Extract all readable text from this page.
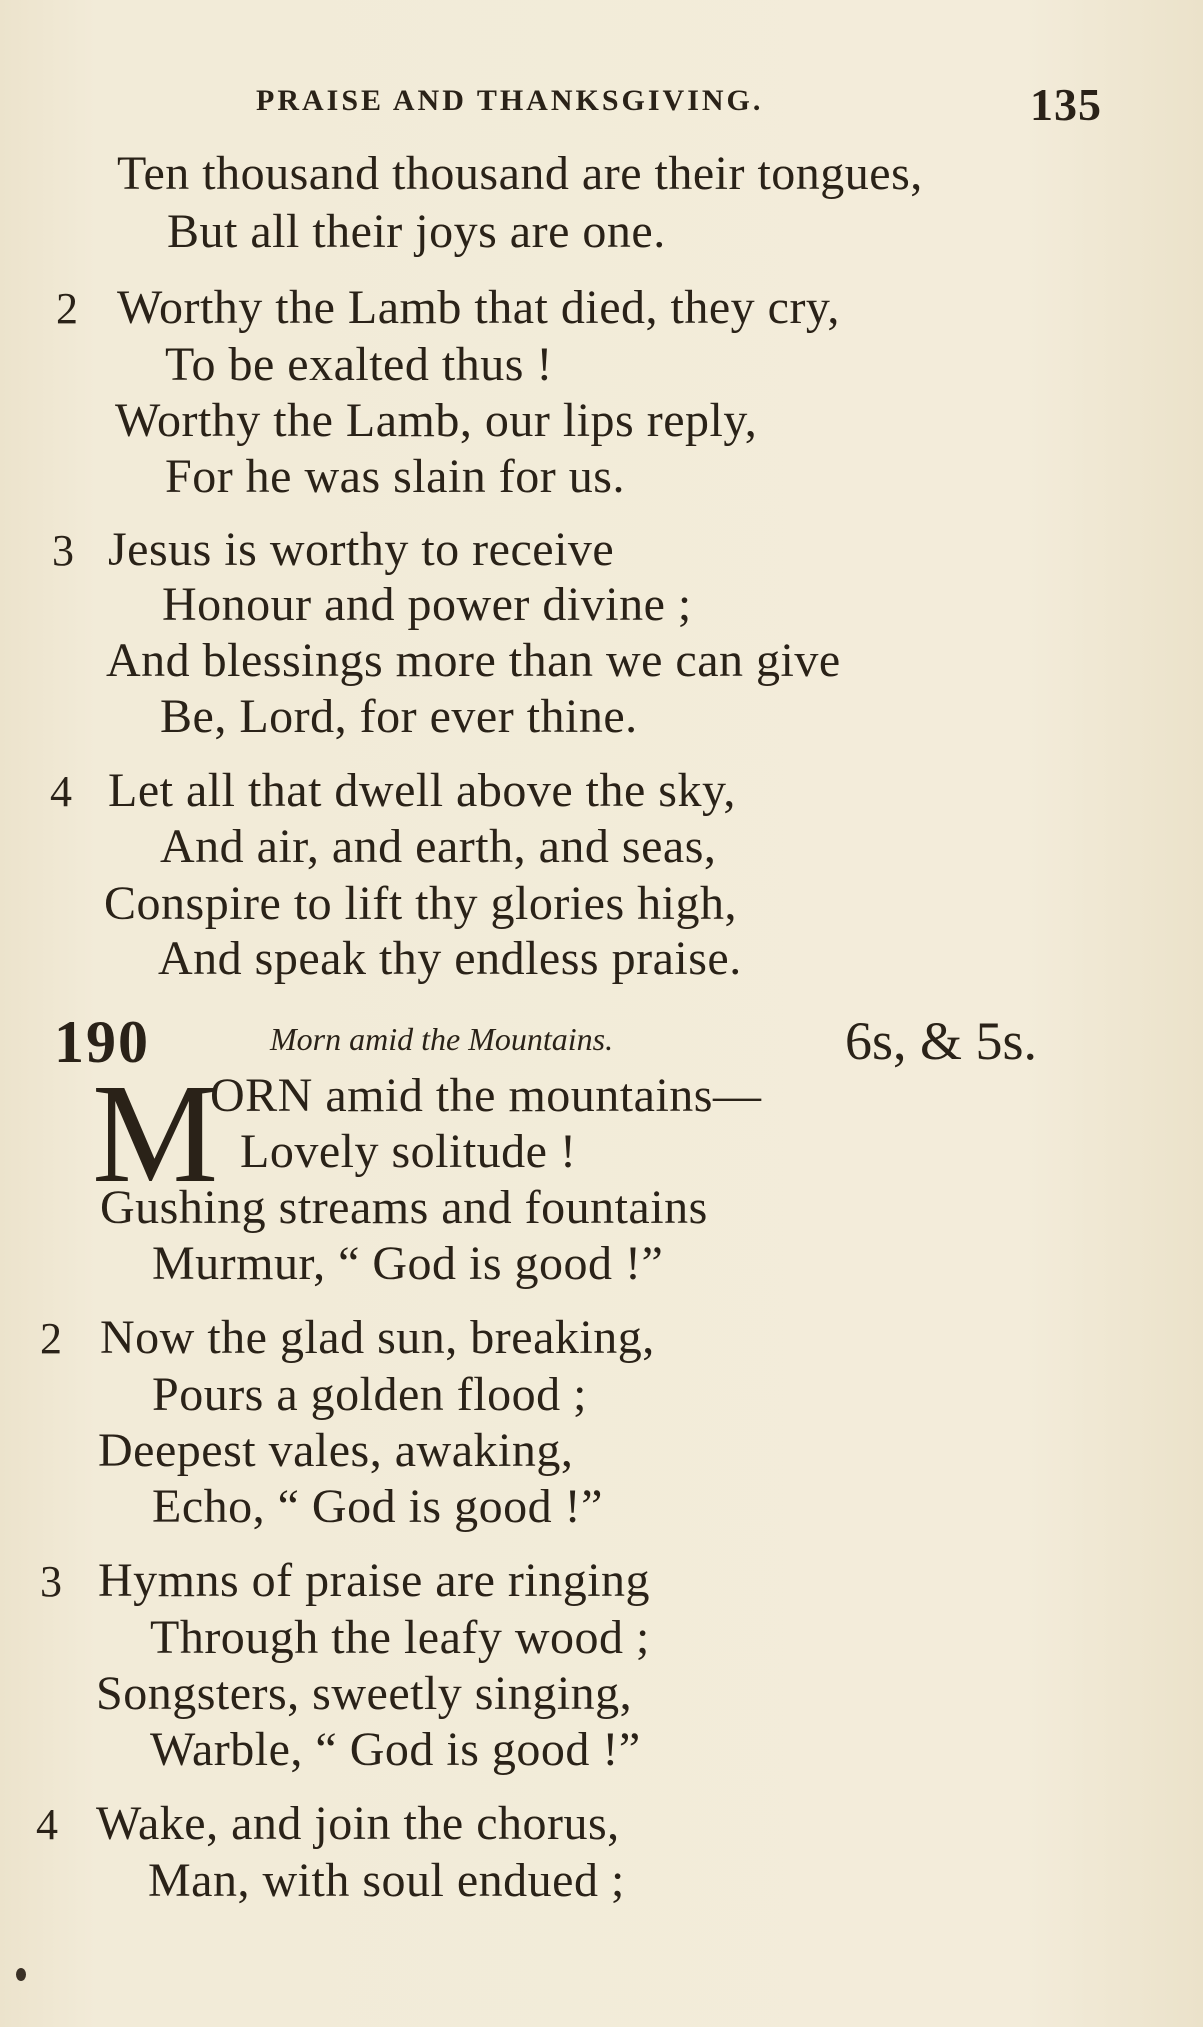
PRAISE AND THANKSGIVING.	135
Ten thousand thousand are their tongues,
But all their joys are one.
2 Worthy the Lamb that died, they cry,
To be exalted thus !
Worthy the Lamb, our lips reply,
For he was slain for us.
3 Jesus is worthy to receive
Honour and power divine ;
And blessings more than we can give
Be, Lord, for ever thine.
4 Let all that dwell above the sky,
And air, and earth, and seas,
Conspire to lift thy glories high,
And speak thy endless praise.
190	Morn amid the Mountains.	6s, & 5s.
M
ORN amid the mountains—
Lovely solitude !
Gushing streams and fountains
Murmur, “ God is good !”
2 Now the glad sun, breaking,
Pours a golden flood ;
Deepest vales, awaking,
Echo, “ God is good !”
3 Hymns of praise are ringing
Through the leafy wood ;
Songsters, sweetly singing,
Warble, “ God is good !”
4 Wake, and join the chorus,
Man, with soul endued ;
